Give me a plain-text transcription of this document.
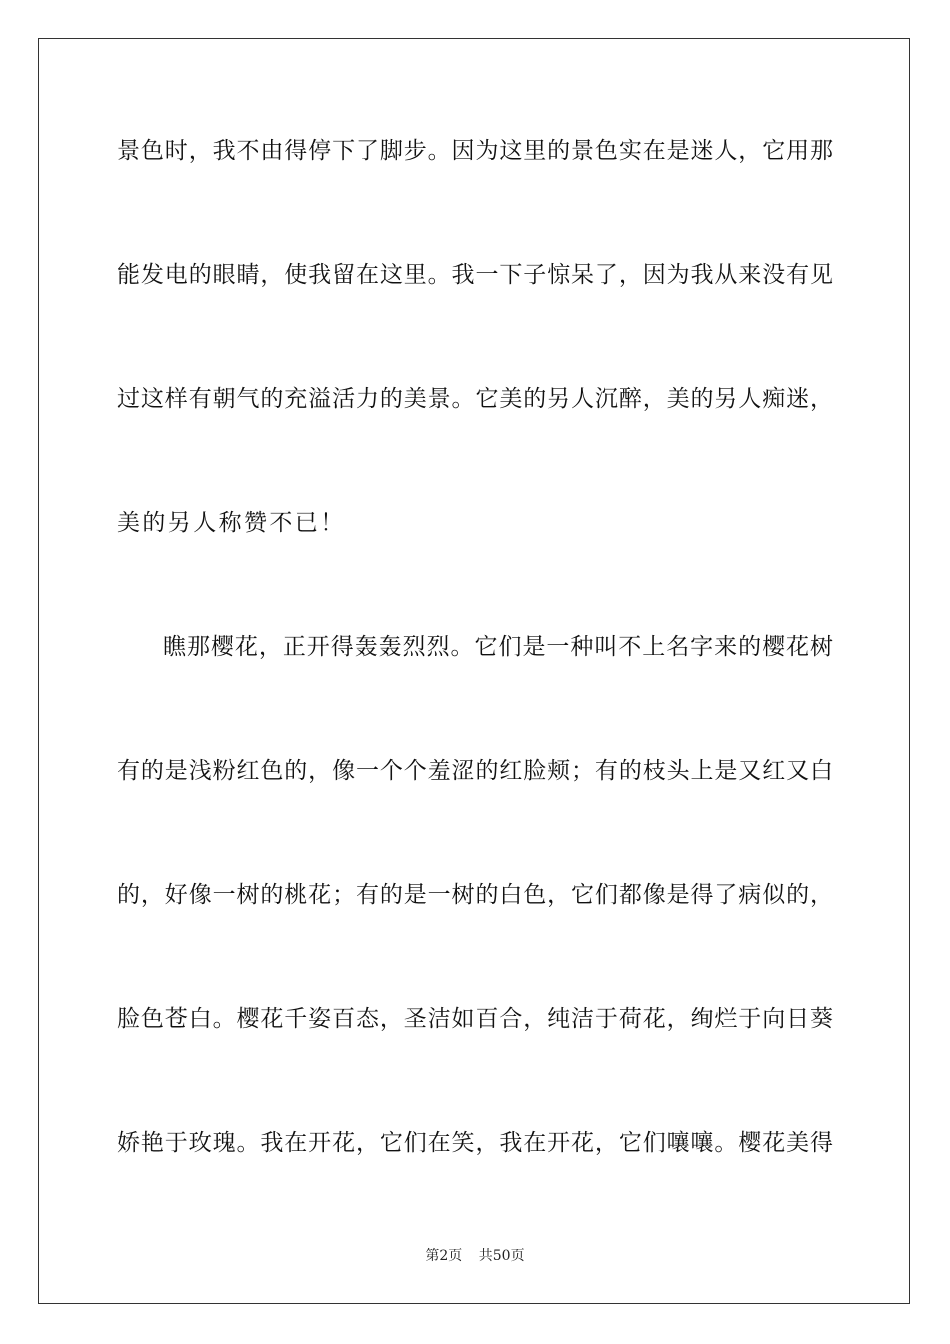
景色时，我不由得停下了脚步。因为这里的景色实在是迷人，它用那
能发电的眼睛，使我留在这里。我一下子惊呆了，因为我从来没有见
过这样有朝气的充溢活力的美景。它美的另人沉醉，美的另人痴迷，
美的另人称赞不已！
瞧那樱花，正开得轰轰烈烈。它们是一种叫不上名字来的樱花树
有的是浅粉红色的，像一个个羞涩的红脸颊；有的枝头上是又红又白
的，好像一树的桃花；有的是一树的白色，它们都像是得了病似的，
脸色苍白。樱花千姿百态，圣洁如百合，纯洁于荷花，绚烂于向日葵
娇艳于玫瑰。我在开花，它们在笑，我在开花，它们嚷嚷。樱花美得
第2页 共50页
